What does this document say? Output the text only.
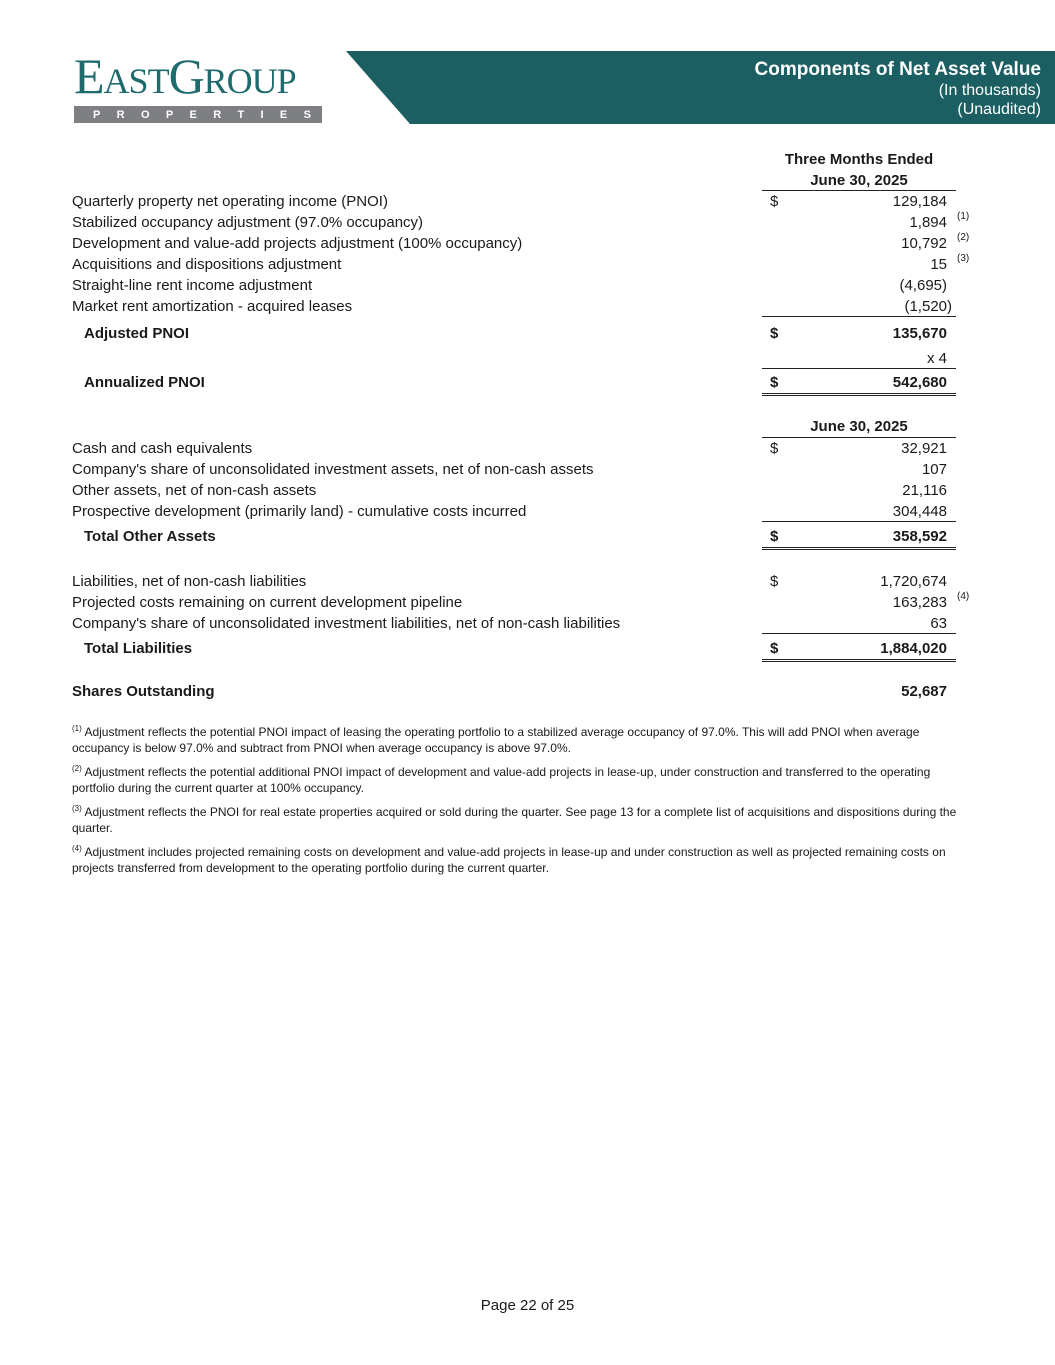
EASTGROUP
P R O P E R T I E S
Components of Net Asset Value
(In thousands)
(Unaudited)
Three Months Ended
June 30, 2025
Quarterly property net operating income (PNOI)	$	129,184
Stabilized occupancy adjustment (97.0% occupancy)	1,894 (1)
Development and value-add projects adjustment (100% occupancy)	10,792 (2)
Acquisitions and dispositions adjustment	15 (3)
Straight-line rent income adjustment	(4,695)
Market rent amortization - acquired leases	(1,520)
Adjusted PNOI	$	135,670
x 4
Annualized PNOI	$	542,680
June 30, 2025
Cash and cash equivalents	$	32,921
Company's share of unconsolidated investment assets, net of non-cash assets	107
Other assets, net of non-cash assets	21,116
Prospective development (primarily land) - cumulative costs incurred	304,448
Total Other Assets	$	358,592
Liabilities, net of non-cash liabilities	$	1,720,674
Projected costs remaining on current development pipeline	163,283 (4)
Company's share of unconsolidated investment liabilities, net of non-cash liabilities	63
Total Liabilities	$	1,884,020
Shares Outstanding	52,687

$^{(1)}$ Adjustment reflects the potential PNOI impact of leasing the operating portfolio to a stabilized average occupancy of 97.0%. This will add PNOI when average occupancy is below 97.0% and subtract from PNOI when average occupancy is above 97.0%.

$^{(2)}$ Adjustment reflects the potential additional PNOI impact of development and value-add projects in lease-up, under construction and transferred to the operating portfolio during the current quarter at 100% occupancy.

$^{(3)}$ Adjustment reflects the PNOI for real estate properties acquired or sold during the quarter. See page 13 for a complete list of acquisitions and dispositions during the quarter.

$^{(4)}$ Adjustment includes projected remaining costs on development and value-add projects in lease-up and under construction as well as projected remaining costs on projects transferred from development to the operating portfolio during the current quarter.

Page 22 of 25
